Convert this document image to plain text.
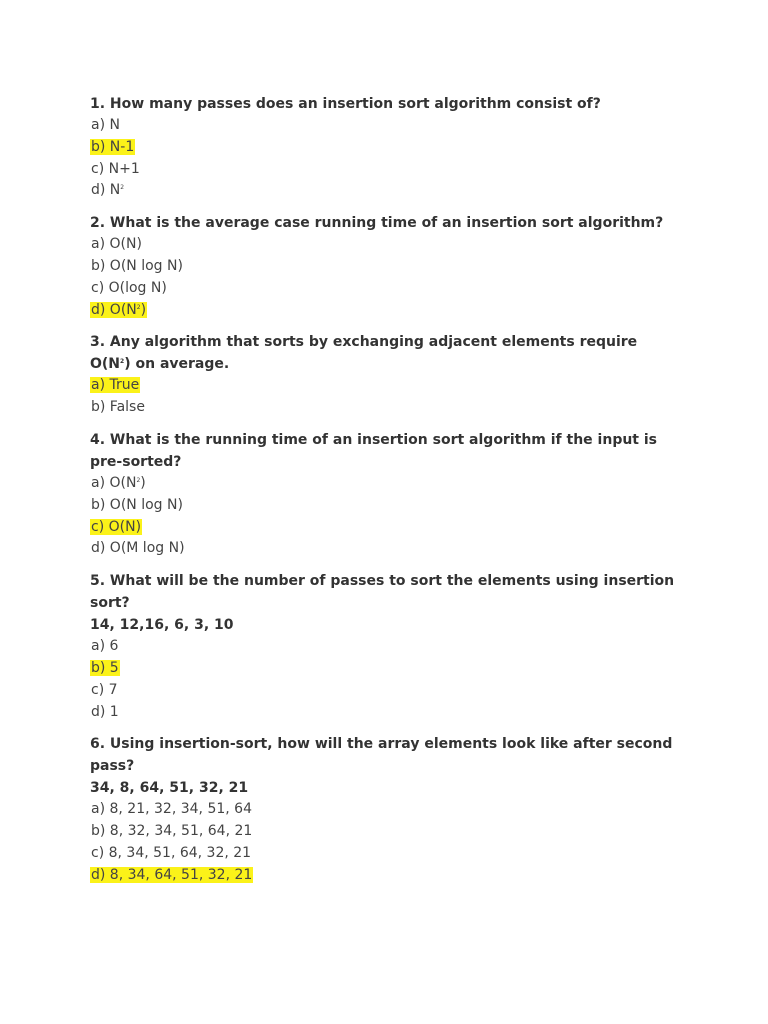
1. How many passes does an insertion sort algorithm consist of?
a) N
b) N-1
c) N+1
d) $N^2$
2. What is the average case running time of an insertion sort algorithm?
a) O(N)
b) O(N log N)
c) O(log N)
d) $O(N^2)$
3. Any algorithm that sorts by exchanging adjacent elements require $O(N^2)$ on average.
a) True
b) False
4. What is the running time of an insertion sort algorithm if the input is pre-sorted?
a) $O(N^2)$
b) O(N log N)
c) O(N)
d) O(M log N)
5. What will be the number of passes to sort the elements using insertion sort?
14, 12,16, 6, 3, 10
a) 6
b) 5
c) 7
d) 1
6. Using insertion-sort, how will the array elements look like after second pass?
34, 8, 64, 51, 32, 21
a) 8, 21, 32, 34, 51, 64
b) 8, 32, 34, 51, 64, 21
c) 8, 34, 51, 64, 32, 21
d) 8, 34, 64, 51, 32, 21
